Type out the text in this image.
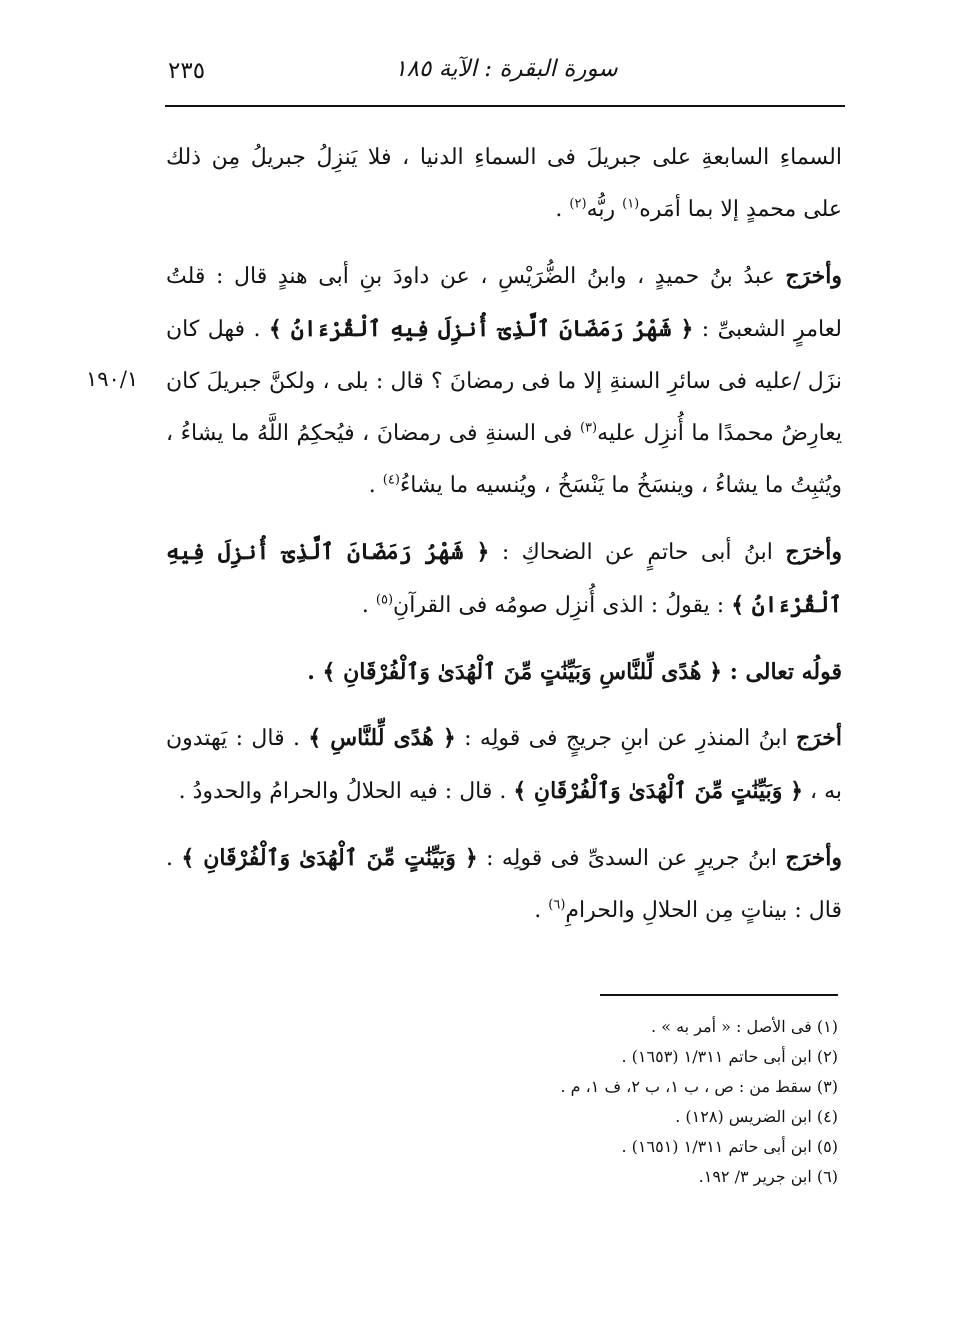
سورة البقرة : الآية ١٨٥
٢٣٥
١٩٠/١

السماءِ السابعةِ على جبريلَ فى السماءِ الدنيا ، فلا يَنزِلُ جبريلُ مِن ذلك على محمدٍ إلا بما أمَره$^{(١)}$ ربُّه$^{(٢)}$ .

وأخرَج عبدُ بنُ حميدٍ ، وابنُ الضُّرَيْسِ ، عن داودَ بنِ أبى هندٍ قال : قلتُ لعامرٍ الشعبىِّ : ﴿ شَهْرُ رَمَضَانَ ٱلَّذِىٓ أُنزِلَ فِيهِ ٱلْقُرْءَانُ ﴾ . فهل كان نزَل /عليه فى سائرِ السنةِ إلا ما فى رمضانَ ؟ قال : بلى ، ولكنَّ جبريلَ كان يعارِضُ محمدًا ما أُنزِل عليه$^{(٣)}$ فى السنةِ فى رمضانَ ، فيُحكِمُ اللَّهُ ما يشاءُ ، ويُثبِتُ ما يشاءُ ، وينسَخُ ما يَنْسَخُ ، ويُنسيه ما يشاءُ$^{(٤)}$ .

وأخرَج ابنُ أبى حاتمٍ عن الضحاكِ : ﴿ شَهْرُ رَمَضَانَ ٱلَّذِىٓ أُنزِلَ فِيهِ ٱلْقُرْءَانُ ﴾ : يقولُ : الذى أُنزِل صومُه فى القرآنِ$^{(٥)}$ .

قولُه تعالى : ﴿ هُدًى لِّلنَّاسِ وَبَيِّنَٰتٍ مِّنَ ٱلْهُدَىٰ وَٱلْفُرْقَانِ ﴾ .

أخرَج ابنُ المنذرِ عن ابنِ جريجٍ فى قولِه : ﴿ هُدًى لِّلنَّاسِ ﴾ . قال : يَهتدون به ، ﴿ وَبَيِّنَٰتٍ مِّنَ ٱلْهُدَىٰ وَٱلْفُرْقَانِ ﴾ . قال : فيه الحلالُ والحرامُ والحدودُ .

وأخرَج ابنُ جريرٍ عن السدىِّ فى قولِه : ﴿ وَبَيِّنَٰتٍ مِّنَ ٱلْهُدَىٰ وَٱلْفُرْقَانِ ﴾ . قال : بيناتٍ مِن الحلالِ والحرامِ$^{(٦)}$ .

(١) فى الأصل : « أمر به » .

(٢) ابن أبى حاتم ١/٣١١ (١٦٥٣) .

(٣) سقط من : ص ، ب ١، ب ٢، ف ١، م .

(٤) ابن الضريس (١٢٨) .

(٥) ابن أبى حاتم ١/٣١١ (١٦٥١) .

(٦) ابن جرير ٣/ ١٩٢.
